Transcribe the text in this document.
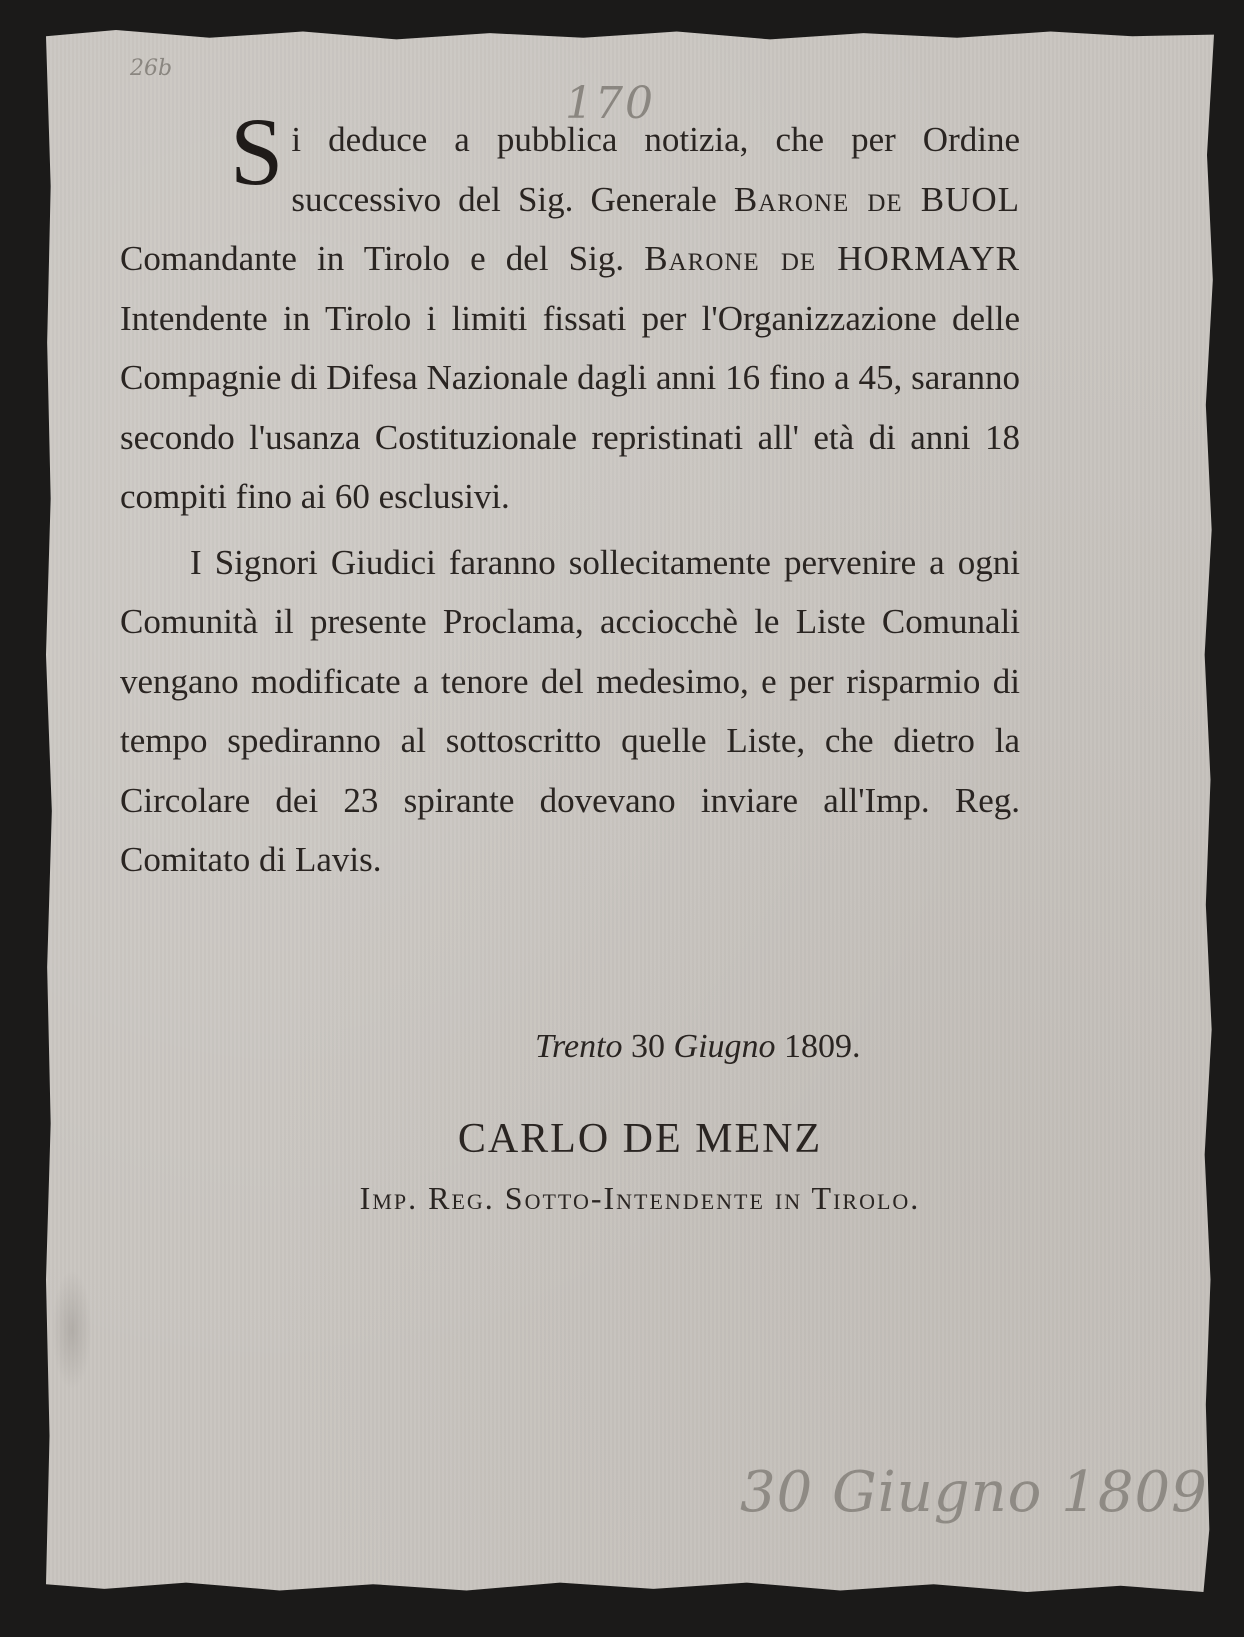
26b
170

Si deduce a pubblica notizia, che per Ordine successivo del Sig. Generale Barone de BUOL Comandante in Tirolo e del Sig. Barone de HORMAYR Intendente in Tirolo i limiti fissati per l'Organizzazione delle Compagnie di Difesa Nazionale dagli anni 16 fino a 45, saranno secondo l'usanza Costituzionale repristinati all' età di anni 18 compiti fino ai 60 esclusivi.

I Signori Giudici faranno sollecitamente pervenire a ogni Comunità il presente Proclama, acciocchè le Liste Comunali vengano modificate a tenore del medesimo, e per risparmio di tempo spediranno al sottoscritto quelle Liste, che dietro la Circolare dei 23 spirante dovevano inviare all'Imp. Reg. Comitato di Lavis.

Trento 30 Giugno 1809.
CARLO DE MENZ
Imp. Reg. Sotto-Intendente in Tirolo.
30 Giugno 1809
